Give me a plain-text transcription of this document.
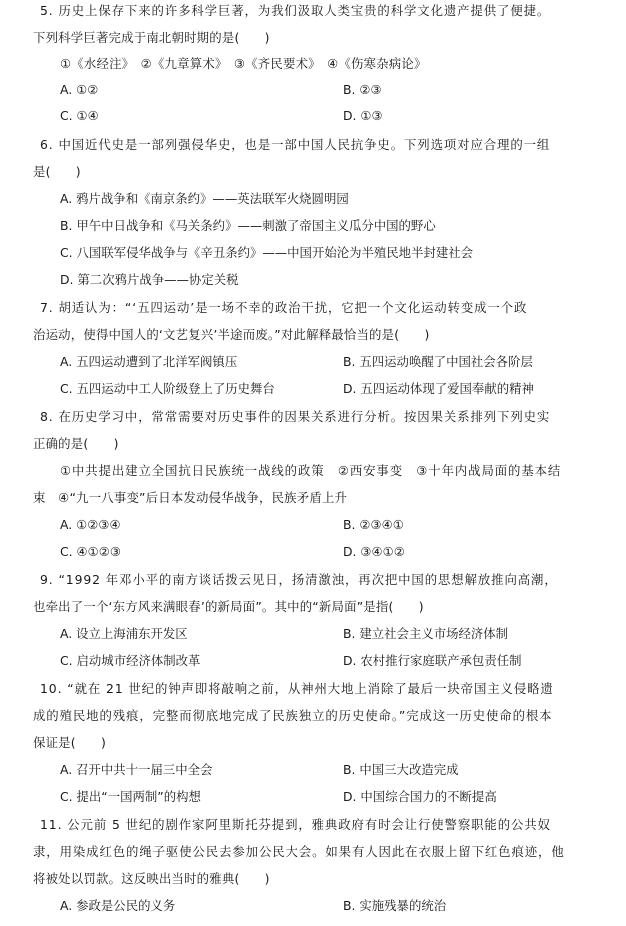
5. 历史上保存下来的许多科学巨著，为我们汲取人类宝贵的科学文化遗产提供了便捷。
下列科学巨著完成于南北朝时期的是(　　)
①《水经注》　②《九章算术》　③《齐民要术》　④《伤寒杂病论》
A. ①②	B. ②③
C. ①④	D. ①③
6. 中国近代史是一部列强侵华史，也是一部中国人民抗争史。下列选项对应合理的一组
是(　　)
A. 鸦片战争和《南京条约》——英法联军火烧圆明园
B. 甲午中日战争和《马关条约》——刺激了帝国主义瓜分中国的野心
C. 八国联军侵华战争与《辛丑条约》——中国开始沦为半殖民地半封建社会
D. 第二次鸦片战争——协定关税
7. 胡适认为：“‘五四运动’是一场不幸的政治干扰，它把一个文化运动转变成一个政
治运动，使得中国人的‘文艺复兴’半途而废。”对此解释最恰当的是(　　)
A. 五四运动遭到了北洋军阀镇压	B. 五四运动唤醒了中国社会各阶层
C. 五四运动中工人阶级登上了历史舞台	D. 五四运动体现了爱国奉献的精神
8. 在历史学习中，常常需要对历史事件的因果关系进行分析。按因果关系排列下列史实
正确的是(　　)
①中共提出建立全国抗日民族统一战线的政策　②西安事变　③十年内战局面的基本结
束　④“九一八事变”后日本发动侵华战争，民族矛盾上升
A. ①②③④	B. ②③④①
C. ④①②③	D. ③④①②
9. “1992 年邓小平的南方谈话拨云见日，扬清激浊，再次把中国的思想解放推向高潮，
也牵出了一个‘东方风来满眼春’的新局面”。其中的“新局面”是指(　　)
A. 设立上海浦东开发区	B. 建立社会主义市场经济体制
C. 启动城市经济体制改革	D. 农村推行家庭联产承包责任制
10. “就在 21 世纪的钟声即将敲响之前，从神州大地上消除了最后一块帝国主义侵略遗
成的殖民地的残痕，完整而彻底地完成了民族独立的历史使命。”完成这一历史使命的根本
保证是(　　)
A. 召开中共十一届三中全会	B. 中国三大改造完成
C. 提出“一国两制”的构想	D. 中国综合国力的不断提高
11. 公元前 5 世纪的剧作家阿里斯托芬提到，雅典政府有时会让行使警察职能的公共奴
隶，用染成红色的绳子驱使公民去参加公民大会。如果有人因此在衣服上留下红色痕迹，他
将被处以罚款。这反映出当时的雅典(　　)
A. 参政是公民的义务	B. 实施残暴的统治
